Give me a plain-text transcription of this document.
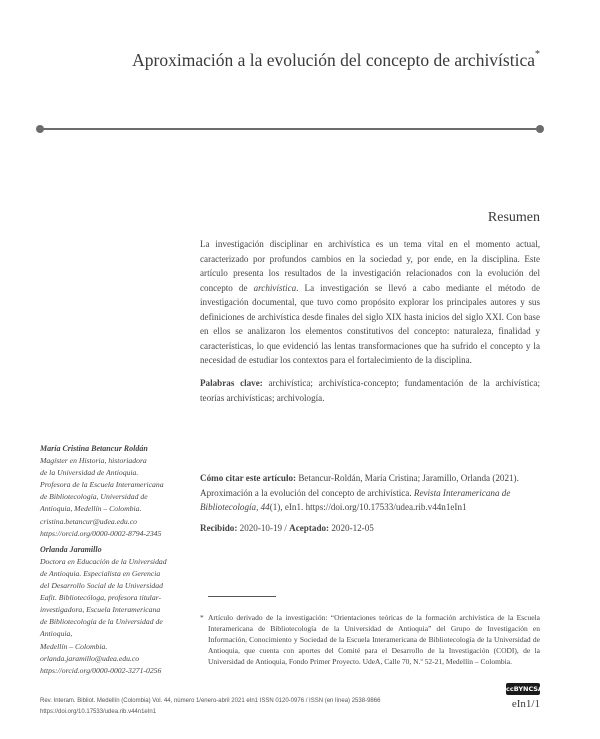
Aproximación a la evolución del concepto de archivística*
Resumen
La investigación disciplinar en archivística es un tema vital en el momento actual, caracterizado por profundos cambios en la sociedad y, por ende, en la disciplina. Este artículo presenta los resultados de la investigación relacionados con la evolución del concepto de archivística. La investigación se llevó a cabo mediante el método de investigación documental, que tuvo como propósito explorar los principales autores y sus definiciones de archivística desde finales del siglo XIX hasta inicios del siglo XXI. Con base en ellos se analizaron los elementos constitutivos del concepto: naturaleza, finalidad y características, lo que evidenció las lentas transformaciones que ha sufrido el concepto y la necesidad de estudiar los contextos para el fortalecimiento de la disciplina.
Palabras clave: archivística; archivística-concepto; fundamentación de la archivística; teorías archivísticas; archivología.
María Cristina Betancur Roldán
Magíster en Historia, historiadora
de la Universidad de Antioquia.
Profesora de la Escuela Interamericana
de Bibliotecología, Universidad de
Antioquia, Medellín – Colombia.
cristina.betancur@udea.edu.co
https://orcid.org/0000-0002-8794-2345
Orlanda Jaramillo
Doctora en Educación de la Universidad
de Antioquia. Especialista en Gerencia
del Desarrollo Social de la Universidad
Eafit. Bibliotecóloga, profesora titular-
investigadora, Escuela Interamericana
de Bibliotecología de la Universidad de
Antioquia,
Medellín – Colombia.
orlanda.jaramillo@udea.edu.co
https://orcid.org/0000-0002-3271-0256
Cómo citar este artículo: Betancur-Roldán, María Cristina; Jaramillo, Orlanda (2021). Aproximación a la evolución del concepto de archivística. Revista Interamericana de Bibliotecología, 44(1), eIn1. https://doi.org/10.17533/udea.rib.v44n1eIn1
Recibido: 2020-10-19 / Aceptado: 2020-12-05
* Artículo derivado de la investigación: “Orientaciones teóricas de la formación archivística de la Escuela Interamericana de Bibliotecología de la Universidad de Antioquia” del Grupo de Investigación en Información, Conocimiento y Sociedad de la Escuela Interamericana de Bibliotecología de la Universidad de Antioquia, que cuenta con aportes del Comité para el Desarrollo de la Investigación (CODI), de la Universidad de Antioquia, Fondo Primer Proyecto. UdeA, Calle 70, N.º 52-21, Medellín – Colombia.
cc BY NC SA
Rev. Interam. Bibliot. Medellín (Colombia) Vol. 44, número 1/enero-abril 2021 eIn1 ISSN 0120-0976 / ISSN (en línea) 2538-9866
https://doi.org/10.17533/udea.rib.v44n1eIn1
eIn1/1
